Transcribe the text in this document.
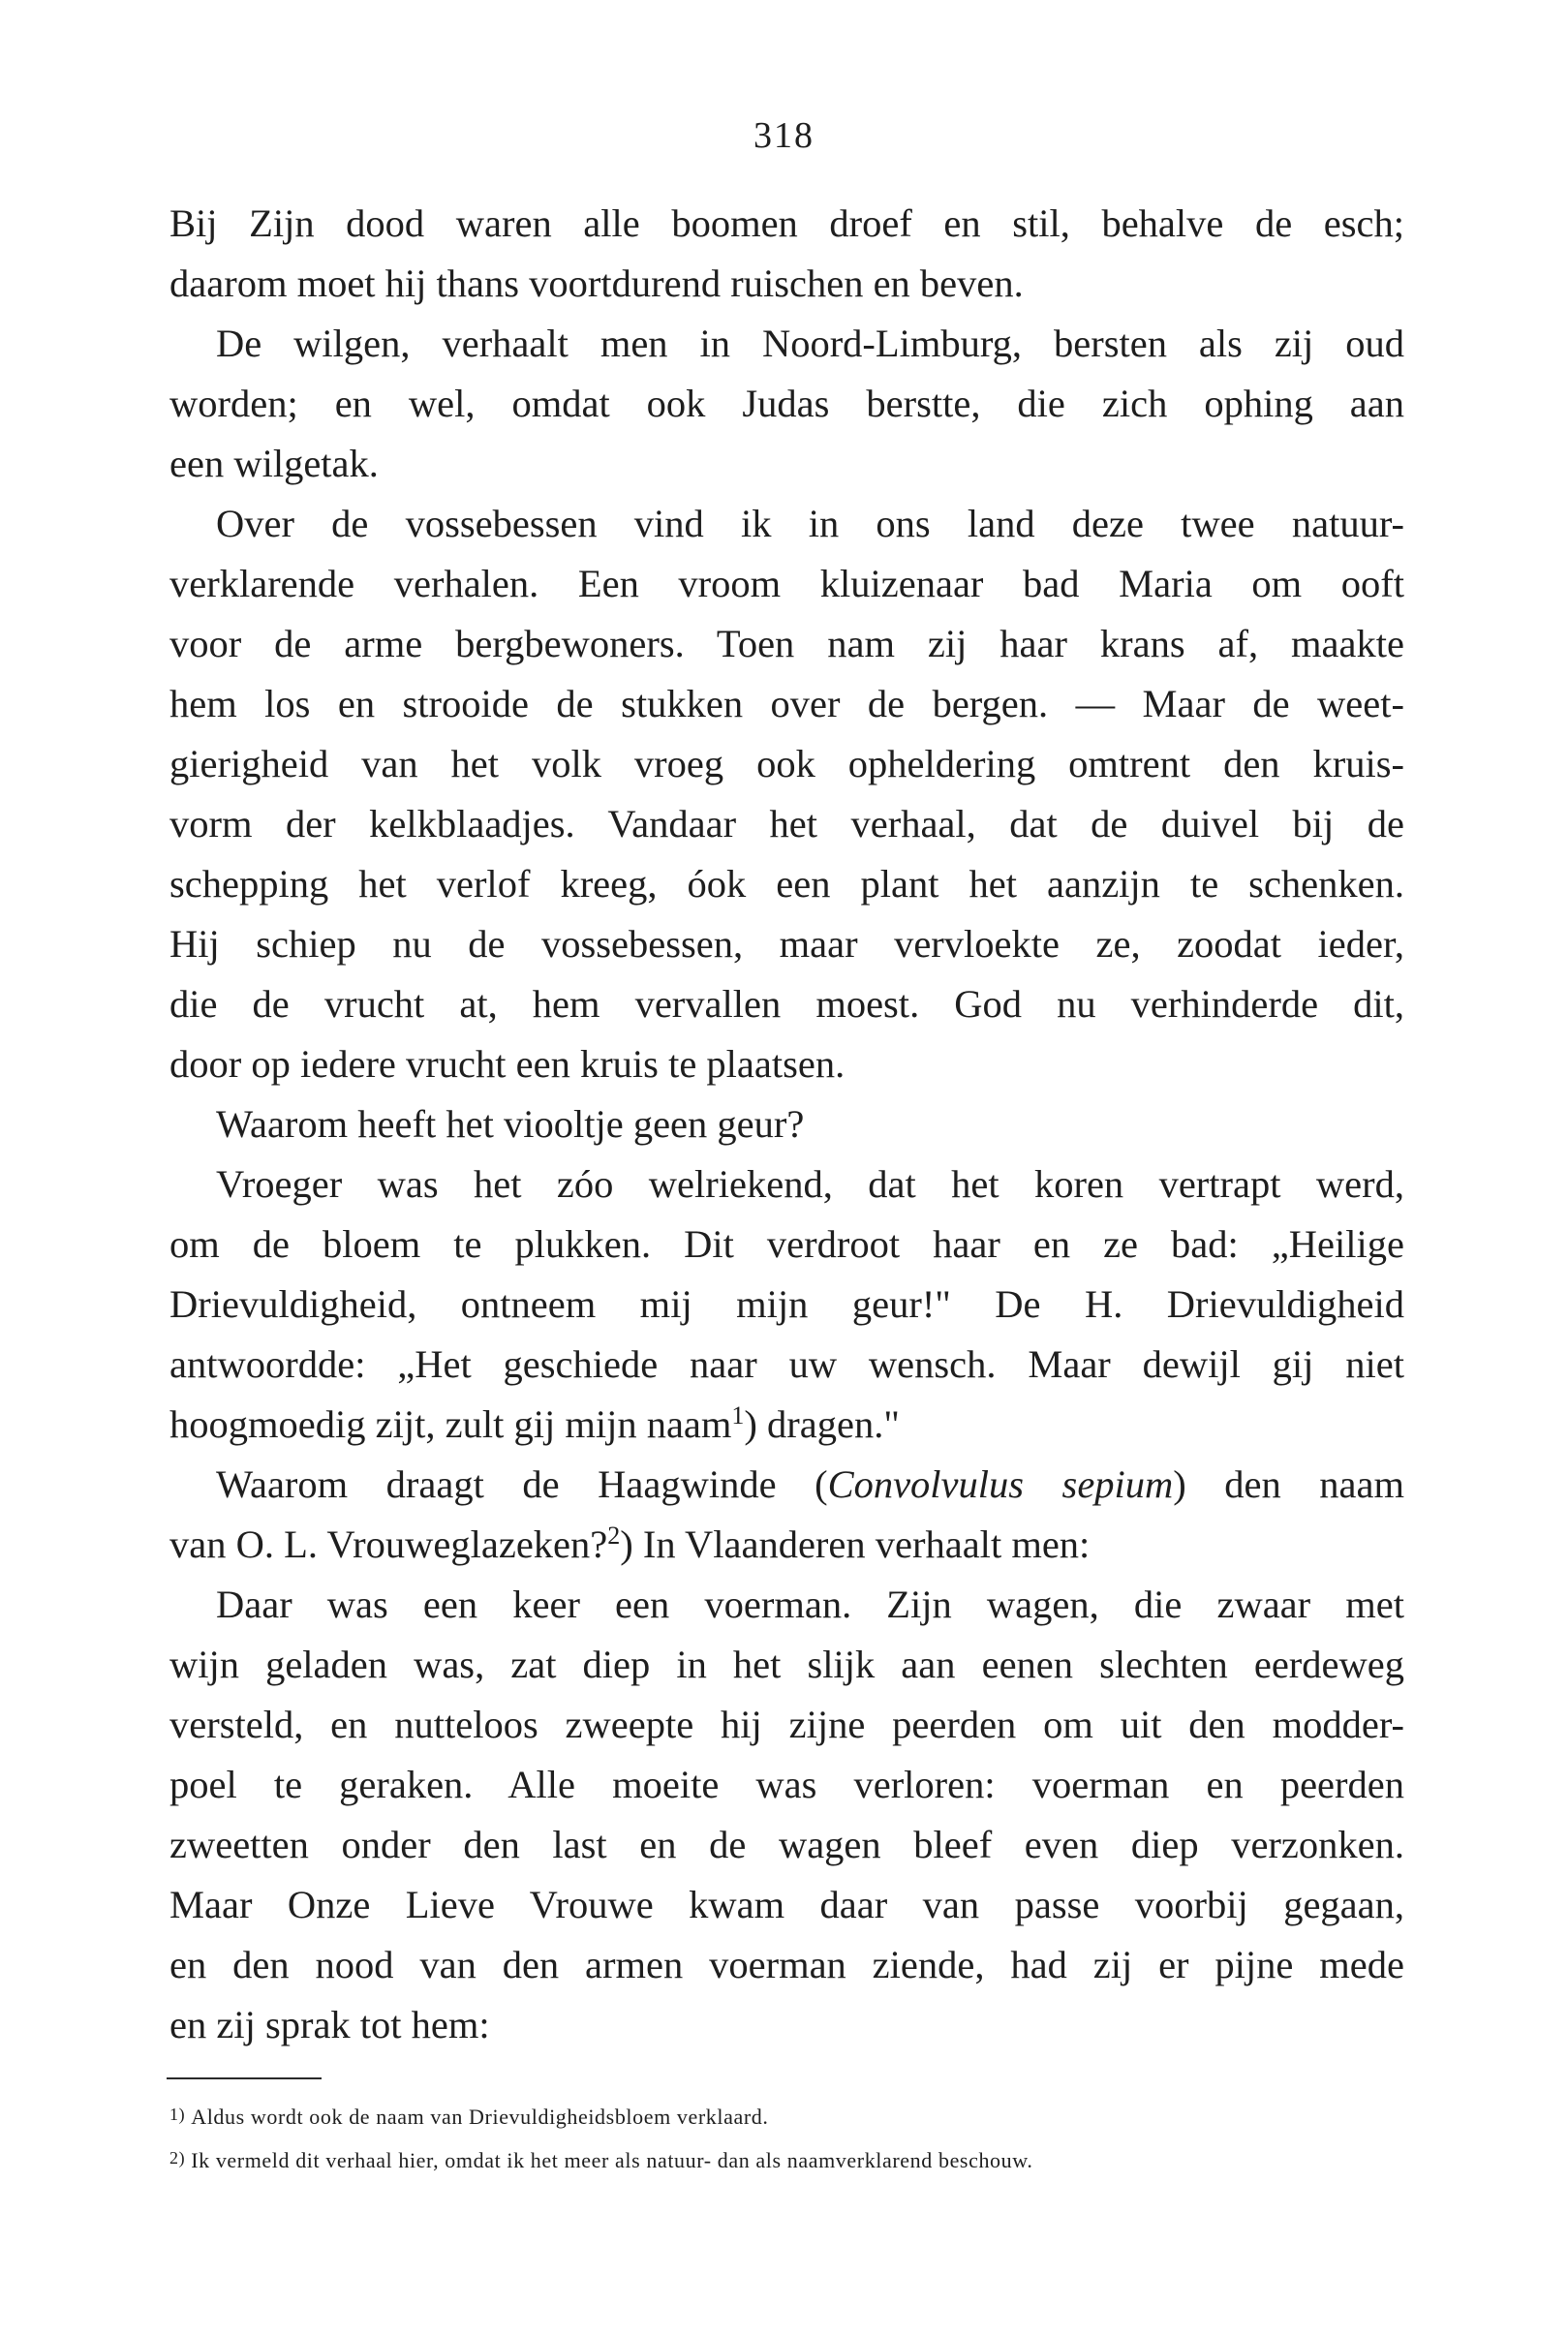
318
Bij Zijn dood waren alle boomen droef en stil, behalve de esch;
daarom moet hij thans voortdurend ruischen en beven.
De wilgen, verhaalt men in Noord-Limburg, bersten als zij oud
worden; en wel, omdat ook Judas berstte, die zich ophing aan
een wilgetak.
Over de vossebessen vind ik in ons land deze twee natuur-
verklarende verhalen. Een vroom kluizenaar bad Maria om ooft
voor de arme bergbewoners. Toen nam zij haar krans af, maakte
hem los en strooide de stukken over de bergen. — Maar de weet-
gierigheid van het volk vroeg ook opheldering omtrent den kruis-
vorm der kelkblaadjes. Vandaar het verhaal, dat de duivel bij de
schepping het verlof kreeg, óok een plant het aanzijn te schenken.
Hij schiep nu de vossebessen, maar vervloekte ze, zoodat ieder,
die de vrucht at, hem vervallen moest. God nu verhinderde dit,
door op iedere vrucht een kruis te plaatsen.
Waarom heeft het viooltje geen geur?
Vroeger was het zóo welriekend, dat het koren vertrapt werd,
om de bloem te plukken. Dit verdroot haar en ze bad: „Heilige
Drievuldigheid, ontneem mij mijn geur!" De H. Drievuldigheid
antwoordde: „Het geschiede naar uw wensch. Maar dewijl gij niet
hoogmoedig zijt, zult gij mijn naam$^1$) dragen."
Waarom draagt de Haagwinde (Convolvulus sepium) den naam
van O. L. Vrouweglazeken?$^2$) In Vlaanderen verhaalt men:
Daar was een keer een voerman. Zijn wagen, die zwaar met
wijn geladen was, zat diep in het slijk aan eenen slechten eerdeweg
versteld, en nutteloos zweepte hij zijne peerden om uit den modder-
poel te geraken. Alle moeite was verloren: voerman en peerden
zweetten onder den last en de wagen bleef even diep verzonken.
Maar Onze Lieve Vrouwe kwam daar van passe voorbij gegaan,
en den nood van den armen voerman ziende, had zij er pijne mede
en zij sprak tot hem:
1) Aldus wordt ook de naam van Drievuldigheidsbloem verklaard.
2) Ik vermeld dit verhaal hier, omdat ik het meer als natuur- dan als naamverklarend beschouw.
